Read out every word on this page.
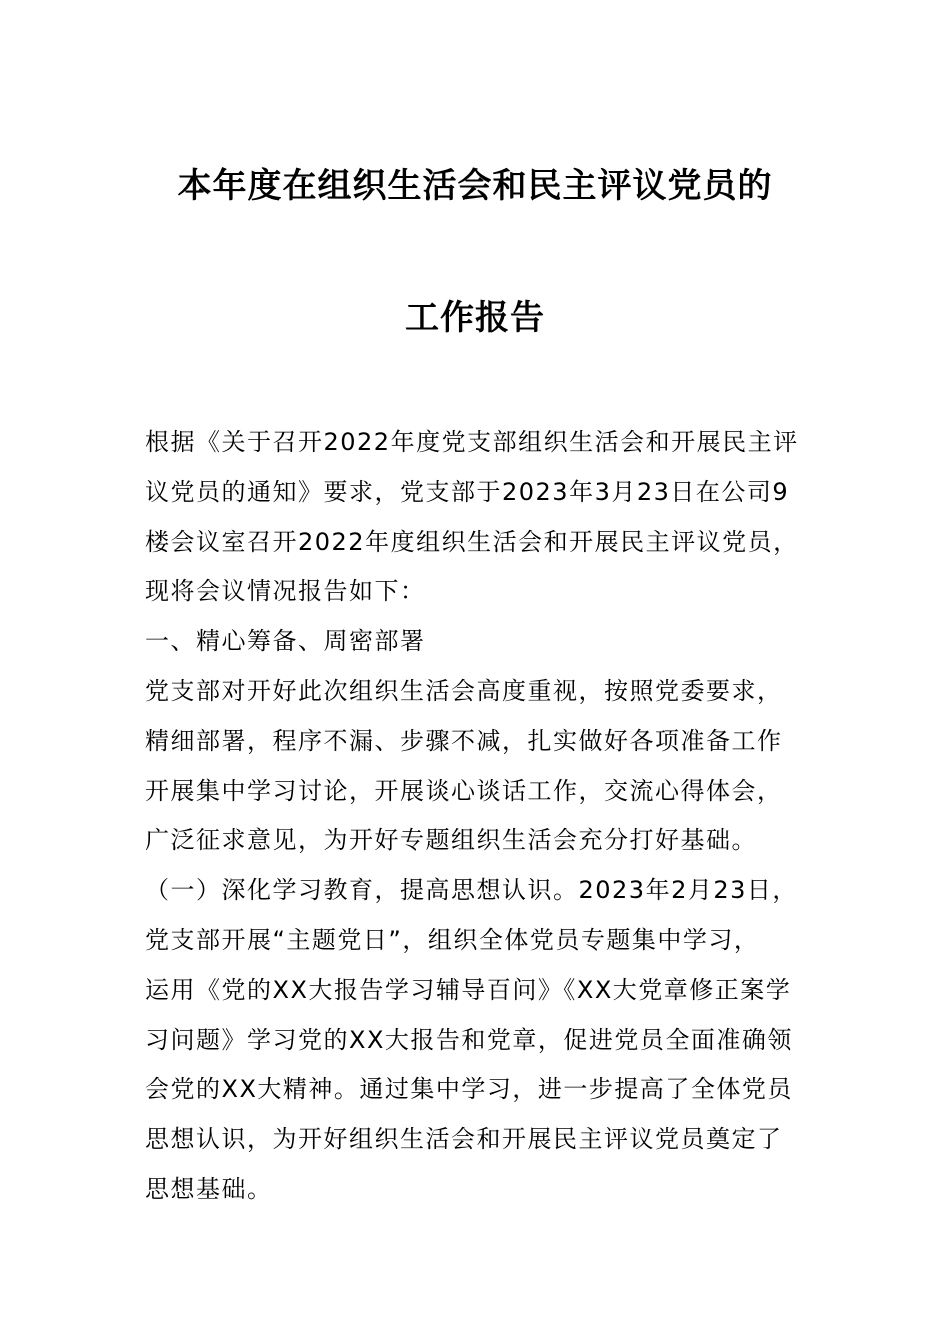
本年度在组织生活会和民主评议党员的
工作报告
根据《关于召开2022年度党支部组织生活会和开展民主评
议党员的通知》要求，党支部于2023年3月23日在公司9
楼会议室召开2022年度组织生活会和开展民主评议党员，
现将会议情况报告如下：
一、精心筹备、周密部署
党支部对开好此次组织生活会高度重视，按照党委要求，
精细部署，程序不漏、步骤不减，扎实做好各项准备工作
开展集中学习讨论，开展谈心谈话工作，交流心得体会，
广泛征求意见，为开好专题组织生活会充分打好基础。
（一）深化学习教育，提高思想认识。2023年2月23日，
党支部开展“主题党日”，组织全体党员专题集中学习，
运用《党的XX大报告学习辅导百问》《XX大党章修正案学
习问题》学习党的XX大报告和党章，促进党员全面准确领
会党的XX大精神。通过集中学习，进一步提高了全体党员
思想认识，为开好组织生活会和开展民主评议党员奠定了
思想基础。
